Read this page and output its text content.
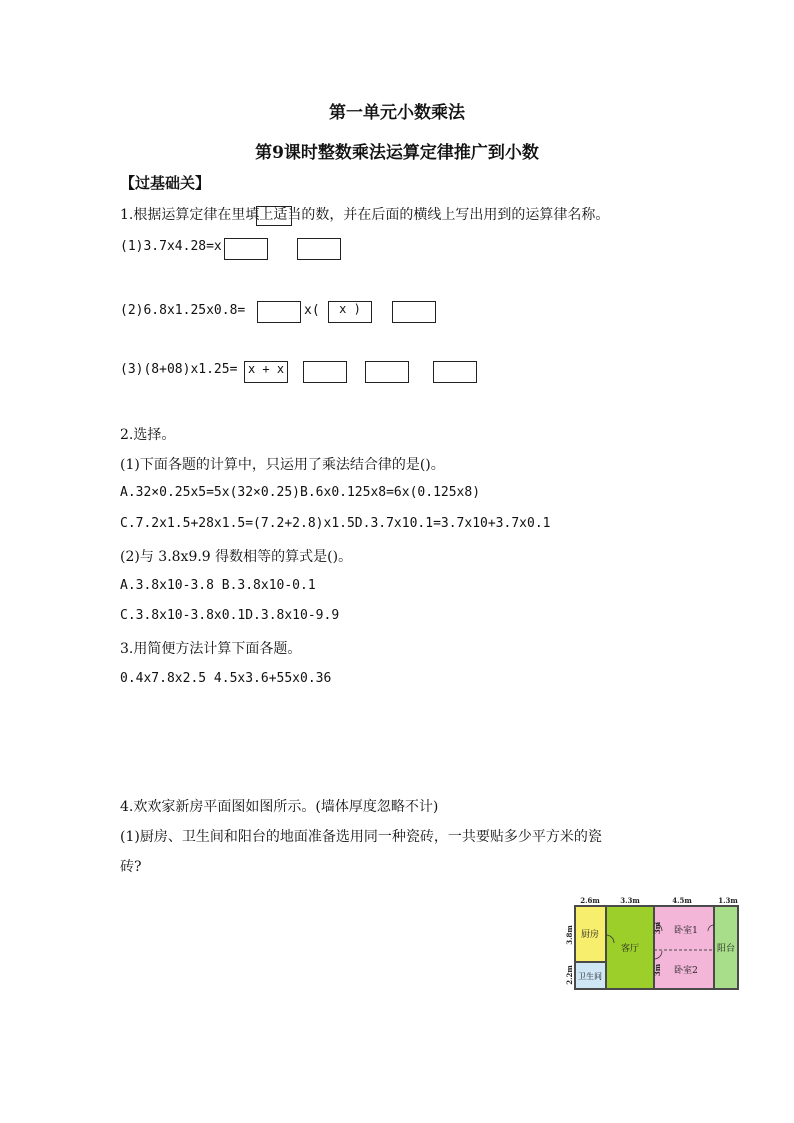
第一单元小数乘法
第9课时整数乘法运算定律推广到小数
【过基础关】
1.根据运算定律在里填上适当的数，并在后面的横线上写出用到的运算律名称。
(1)3.7x4.28=x
(2)6.8x1.25x0.8=	x(	x )
(3)(8+08)x1.25= x + x
2.选择。
(1)下面各题的计算中，只运用了乘法结合律的是()。
A.32×0.25x5=5x(32×0.25)B.6x0.125x8=6x(0.125x8)
C.7.2x1.5+28x1.5=(7.2+2.8)x1.5D.3.7x10.1=3.7x10+3.7x0.1
(2)与 3.8x9.9 得数相等的算式是()。
A.3.8x10-3.8 B.3.8x10-0.1
C.3.8x10-3.8x0.1D.3.8x10-9.9
3.用简便方法计算下面各题。
0.4x7.8x2.5 4.5x3.6+55x0.36
4.欢欢家新房平面图如图所示。(墙体厚度忽略不计)
(1)厨房、卫生间和阳台的地面准备选用同一种瓷砖，一共要贴多少平方米的瓷
砖?
2.6m	3.3m	4.5m	1.3m
厨房
卫生间
客厅
卧室1
卧室2
阳台
3.8m
2.2m
3m
3m
